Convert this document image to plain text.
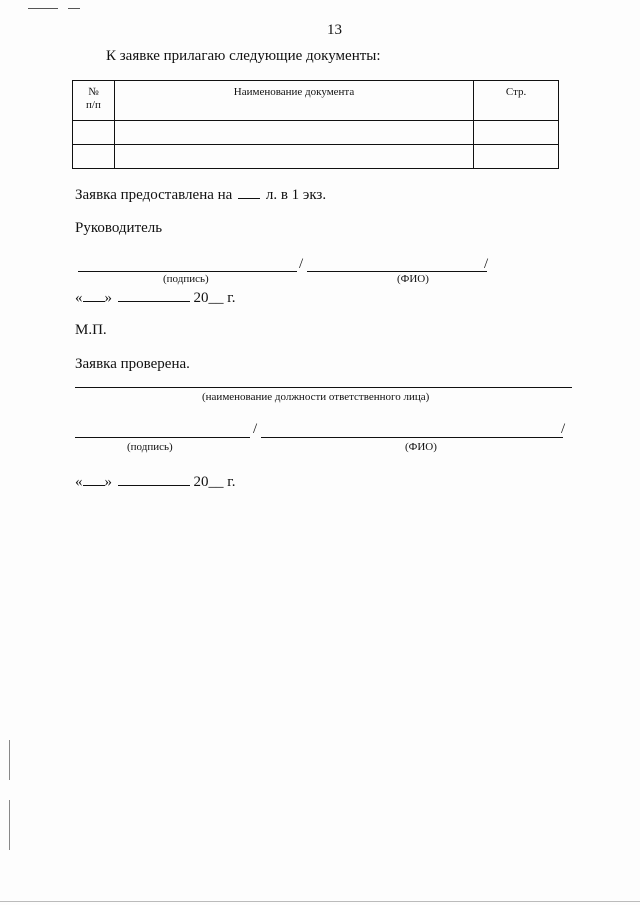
13
К заявке прилагаю следующие документы:
№
п/п	Наименование документа	Стр.

Заявка предоставлена на л. в 1 экз.
Руководитель
/	/
(подпись)	(ФИО)
« »	20__ г.
М.П.
Заявка проверена.
(наименование должности ответственного лица)
/	/
(подпись)	(ФИО)
« »	20__ г.
